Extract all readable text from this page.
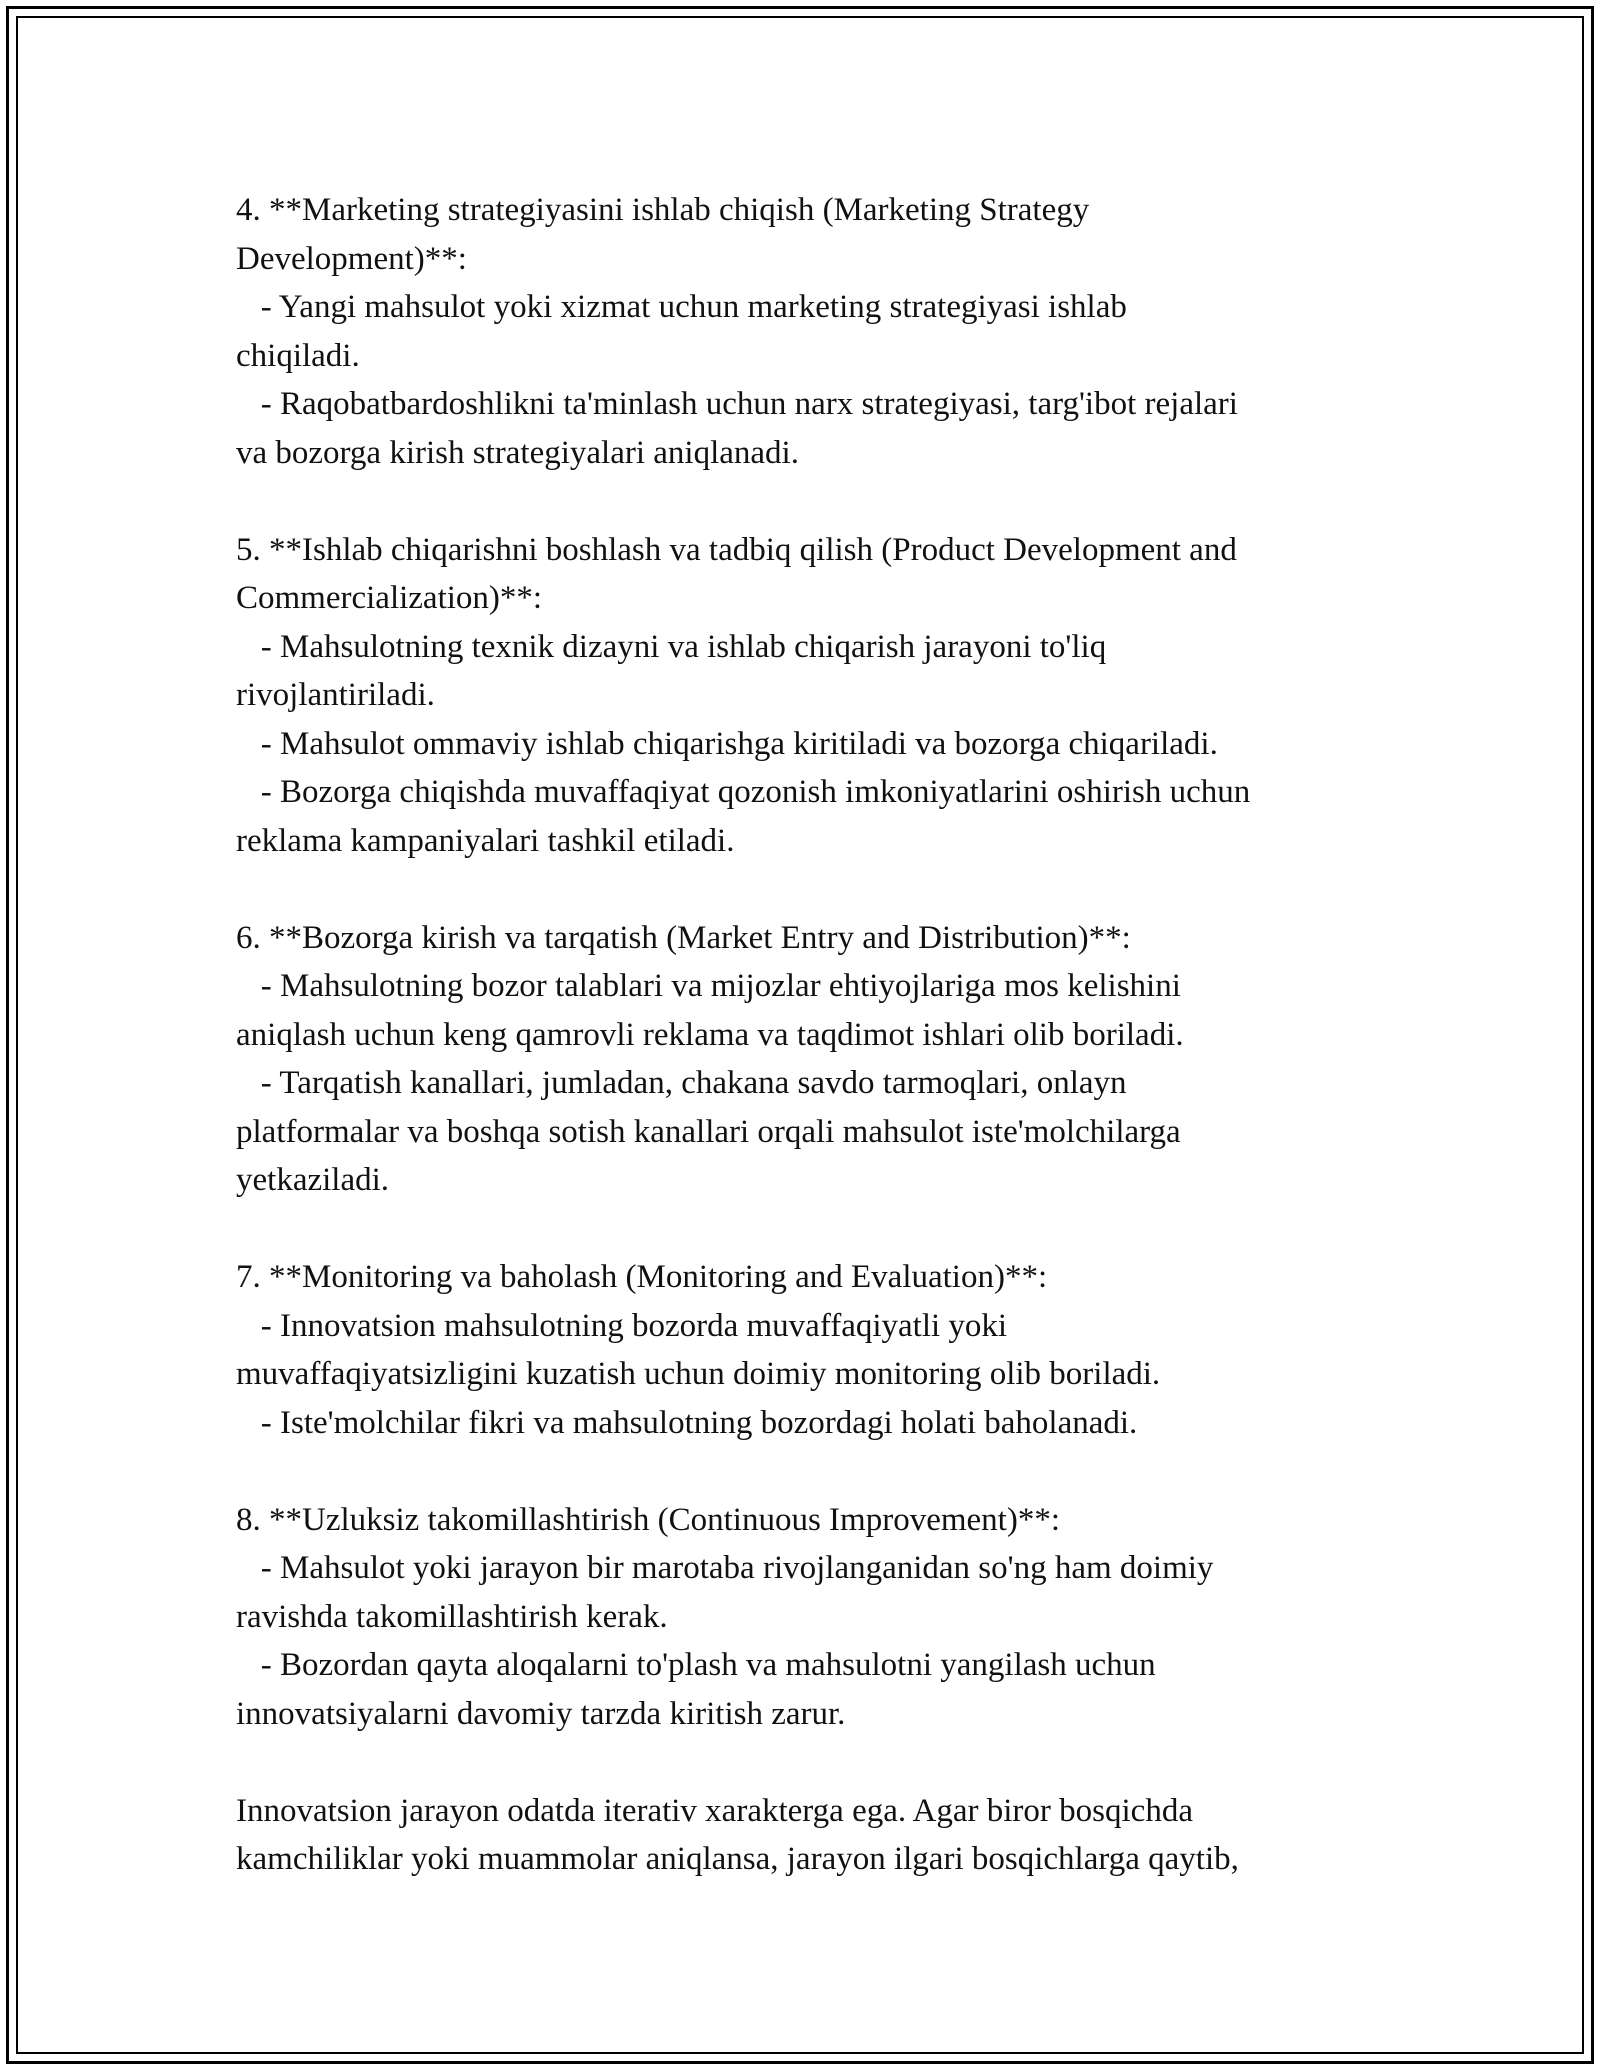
4. **Marketing strategiyasini ishlab chiqish (Marketing Strategy
Development)**:
- Yangi mahsulot yoki xizmat uchun marketing strategiyasi ishlab
chiqiladi.
- Raqobatbardoshlikni ta'minlash uchun narx strategiyasi, targ'ibot rejalari
va bozorga kirish strategiyalari aniqlanadi.
5. **Ishlab chiqarishni boshlash va tadbiq qilish (Product Development and
Commercialization)**:
- Mahsulotning texnik dizayni va ishlab chiqarish jarayoni to'liq
rivojlantiriladi.
- Mahsulot ommaviy ishlab chiqarishga kiritiladi va bozorga chiqariladi.
- Bozorga chiqishda muvaffaqiyat qozonish imkoniyatlarini oshirish uchun
reklama kampaniyalari tashkil etiladi.
6. **Bozorga kirish va tarqatish (Market Entry and Distribution)**:
- Mahsulotning bozor talablari va mijozlar ehtiyojlariga mos kelishini
aniqlash uchun keng qamrovli reklama va taqdimot ishlari olib boriladi.
- Tarqatish kanallari, jumladan, chakana savdo tarmoqlari, onlayn
platformalar va boshqa sotish kanallari orqali mahsulot iste'molchilarga
yetkaziladi.
7. **Monitoring va baholash (Monitoring and Evaluation)**:
- Innovatsion mahsulotning bozorda muvaffaqiyatli yoki
muvaffaqiyatsizligini kuzatish uchun doimiy monitoring olib boriladi.
- Iste'molchilar fikri va mahsulotning bozordagi holati baholanadi.
8. **Uzluksiz takomillashtirish (Continuous Improvement)**:
- Mahsulot yoki jarayon bir marotaba rivojlanganidan so'ng ham doimiy
ravishda takomillashtirish kerak.
- Bozordan qayta aloqalarni to'plash va mahsulotni yangilash uchun
innovatsiyalarni davomiy tarzda kiritish zarur.
Innovatsion jarayon odatda iterativ xarakterga ega. Agar biror bosqichda
kamchiliklar yoki muammolar aniqlansa, jarayon ilgari bosqichlarga qaytib,
